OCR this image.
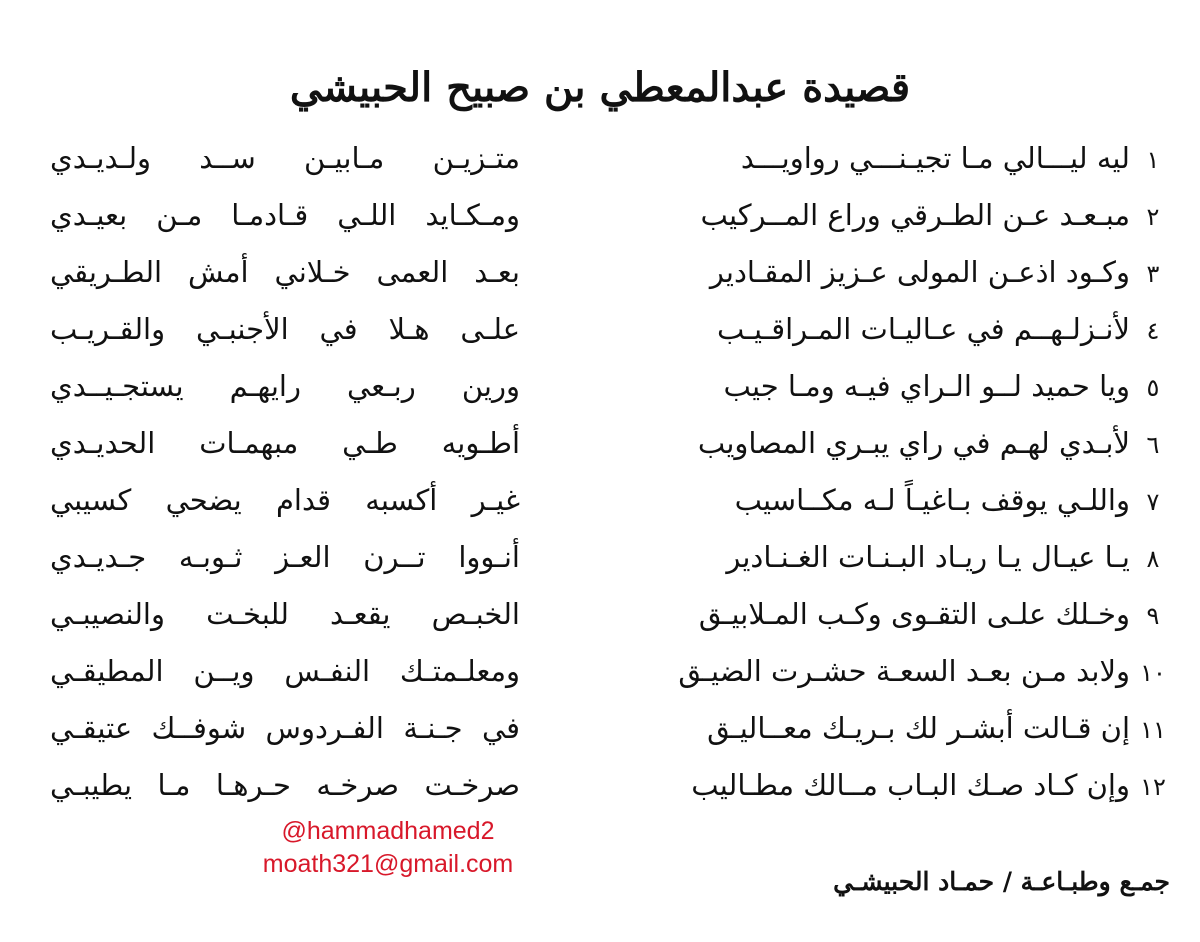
قصيدة عبدالمعطي بن صبيح الحبيشي
١ليه ليـــالي مـا تجيـنـــي رواويـــد
متـزيـن مـابيـن ســد ولـديـدي
٢مبـعـد عـن الطـرقي وراع المــركيب
ومـكـايد اللـي قـادمـا مـن بعيـدي
٣وكـود اذعـن المولى عـزيز المقـادير
بعـد العمى خـلاني أمش الطـريقي
٤لأنـزلـهــم في عـاليـات المـراقـيـب
علـى هـلا في الأجنبـي والقـريـب
٥ويا حميد لــو الـراي فيـه ومـا جيب
ورين ربـعي رايهـم يستجـيــدي
٦لأبـدي لهـم في راي يبـري المصاويب
أطـويه طـي مبهمـات الحديـدي
٧واللـي يوقف بـاغيـاً لـه مكــاسيب
غيـر أكسبه قدام يضحي كسيبي
٨يـا عيـال يـا ريـاد البـنـات الغـنـادير
أنـووا تــرن العـز ثـوبـه جـديـدي
٩وخـلك علـى التقـوى وكـب المـلابيـق
الخبـص يقعـد للبخـت والنصيبـي
١٠ولابد مـن بعـد السعـة حشـرت الضيـق
ومعلـمتـك النفـس ويــن المطيقـي
١١إن قـالت أبشـر لك بـريـك معــاليـق
في جـنـة الفـردوس شوفــك عتيقـي
١٢وإن كـاد صـك البـاب مــالك مطـاليب
صرخـت صرخـه حـرهـا مـا يطيبـي
@hammadhamed2
moath321@gmail.com
جمـع وطبـاعـة / حمـاد الحبيشـي
